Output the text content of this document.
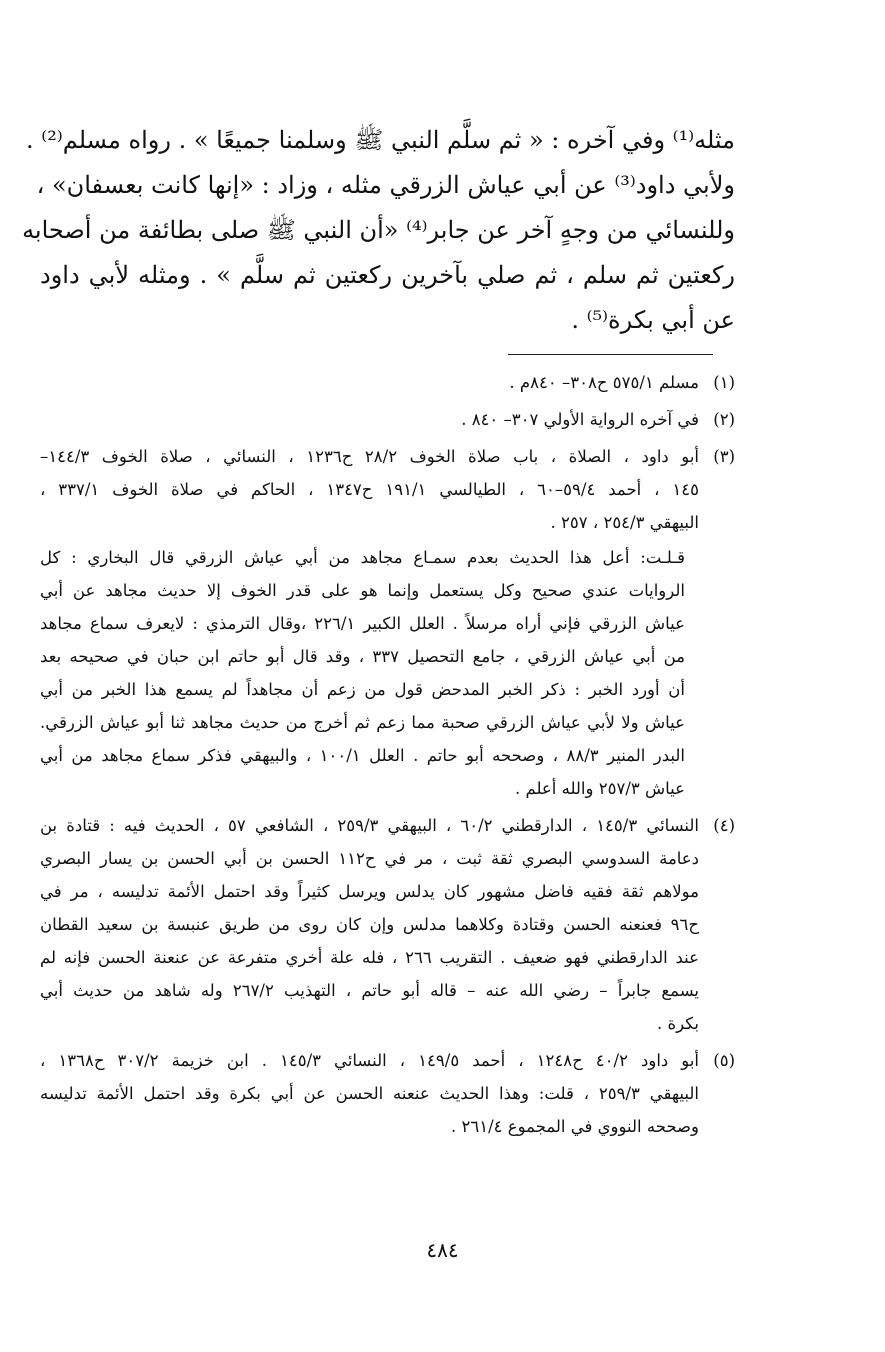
مثله⁽¹⁾ وفي آخره : « ثم سلَّم النبي ﷺ وسلمنا جميعًا » . رواه مسلم⁽²⁾ .
ولأبي داود⁽³⁾ عن أبي عياش الزرقي مثله ، وزاد : «إنها كانت بعسفان» ،
وللنسائي من وجهٍ آخر عن جابر⁽⁴⁾ «أن النبي ﷺ صلى بطائفة من أصحابه
ركعتين ثم سلم ، ثم صلي بآخرين ركعتين ثم سلَّم » . ومثله لأبي داود
عن أبي بكرة⁽⁵⁾ .
(١)
مسلم ٥٧٥/١ ح٣٠٨– ٨٤٠م .
(٢)
في آخره الرواية الأولي ٣٠٧– ٨٤٠ .
(٣)
أبو داود ، الصلاة ، باب صلاة الخوف ٢٨/٢ ح١٢٣٦ ، النسائي ، صلاة الخوف ١٤٤/٣–
١٤٥ ، أحمد ٥٩/٤–٦٠ ، الطيالسي ١٩١/١ ح١٣٤٧ ، الحاكم في صلاة الخوف ٣٣٧/١ ،
البيهقي ٢٥٤/٣ ، ٢٥٧ .
قـلـت: أعل هذا الحديث بعدم سمـاع مجاهد من أبي عياش الزرقي قال البخاري : كل
الروايات عندي صحيح وكل يستعمل وإنما هو على قدر الخوف إلا حديث مجاهد عن أبي
عياش الزرقي فإني أراه مرسلاً . العلل الكبير ٢٢٦/١ ،وقال الترمذي : لايعرف سماع مجاهد
من أبي عياش الزرقي ، جامع التحصيل ٣٣٧ ، وقد قال أبو حاتم ابن حبان في صحيحه بعد
أن أورد الخبر : ذكر الخبر المدحض قول من زعم أن مجاهداً لم يسمع هذا الخبر من أبي
عياش ولا لأبي عياش الزرقي صحبة مما زعم ثم أخرج من حديث مجاهد ثنا أبو عياش الزرقي.
البدر المنير ٨٨/٣ ، وصححه أبو حاتم . العلل ١٠٠/١ ، والبيهقي فذكر سماع مجاهد من أبي
عياش ٢٥٧/٣ والله أعلم .
(٤)
النسائي ١٤٥/٣ ، الدارقطني ٦٠/٢ ، البيهقي ٢٥٩/٣ ، الشافعي ٥٧ ، الحديث فيه : قتادة بن
دعامة السدوسي البصري ثقة ثبت ، مر في ح١١٢ الحسن بن أبي الحسن بن يسار البصري
مولاهم ثقة فقيه فاضل مشهور كان يدلس ويرسل كثيراً وقد احتمل الأئمة تدليسه ، مر في
ح٩٦ فعنعنه الحسن وقتادة وكلاهما مدلس وإن كان روى من طريق عنبسة بن سعيد القطان
عند الدارقطني فهو ضعيف . التقريب ٢٦٦ ، فله علة أخري متفرعة عن عنعنة الحسن فإنه لم
يسمع جابراً – رضي الله عنه – قاله أبو حاتم ، التهذيب ٢٦٧/٢ وله شاهد من حديث أبي
بكرة .
(٥)
أبو داود ٤٠/٢ ح١٢٤٨ ، أحمد ١٤٩/٥ ، النسائي ١٤٥/٣ . ابن خزيمة ٣٠٧/٢ ح١٣٦٨ ،
البيهقي ٢٥٩/٣ ، قلت: وهذا الحديث عنعنه الحسن عن أبي بكرة وقد احتمل الأئمة تدليسه
وصححه النووي في المجموع ٢٦١/٤ .
٤٨٤
